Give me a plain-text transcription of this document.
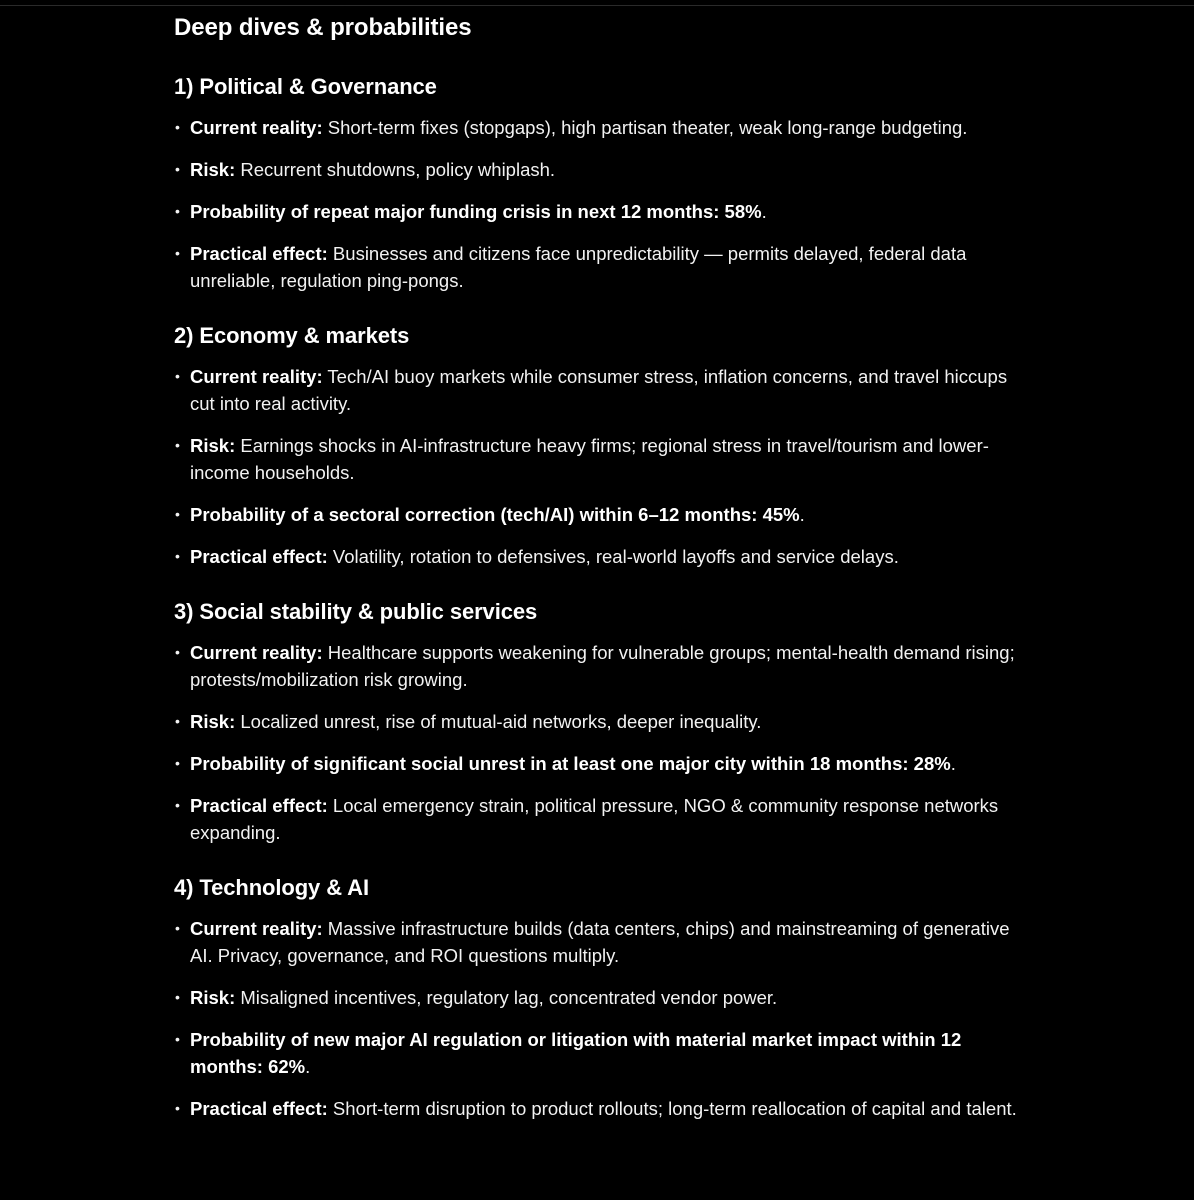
Deep dives & probabilities
1) Political & Governance
• Current reality: Short-term fixes (stopgaps), high partisan theater, weak long-range budgeting.
• Risk: Recurrent shutdowns, policy whiplash.
• Probability of repeat major funding crisis in next 12 months: 58%.
• Practical effect: Businesses and citizens face unpredictability — permits delayed, federal data unreliable, regulation ping-pongs.
2) Economy & markets
• Current reality: Tech/AI buoy markets while consumer stress, inflation concerns, and travel hiccups cut into real activity.
• Risk: Earnings shocks in AI-infrastructure heavy firms; regional stress in travel/tourism and lower-income households.
• Probability of a sectoral correction (tech/AI) within 6–12 months: 45%.
• Practical effect: Volatility, rotation to defensives, real-world layoffs and service delays.
3) Social stability & public services
• Current reality: Healthcare supports weakening for vulnerable groups; mental-health demand rising; protests/mobilization risk growing.
• Risk: Localized unrest, rise of mutual-aid networks, deeper inequality.
• Probability of significant social unrest in at least one major city within 18 months: 28%.
• Practical effect: Local emergency strain, political pressure, NGO & community response networks expanding.
4) Technology & AI
• Current reality: Massive infrastructure builds (data centers, chips) and mainstreaming of generative AI. Privacy, governance, and ROI questions multiply.
• Risk: Misaligned incentives, regulatory lag, concentrated vendor power.
• Probability of new major AI regulation or litigation with material market impact within 12 months: 62%.
• Practical effect: Short-term disruption to product rollouts; long-term reallocation of capital and talent.
